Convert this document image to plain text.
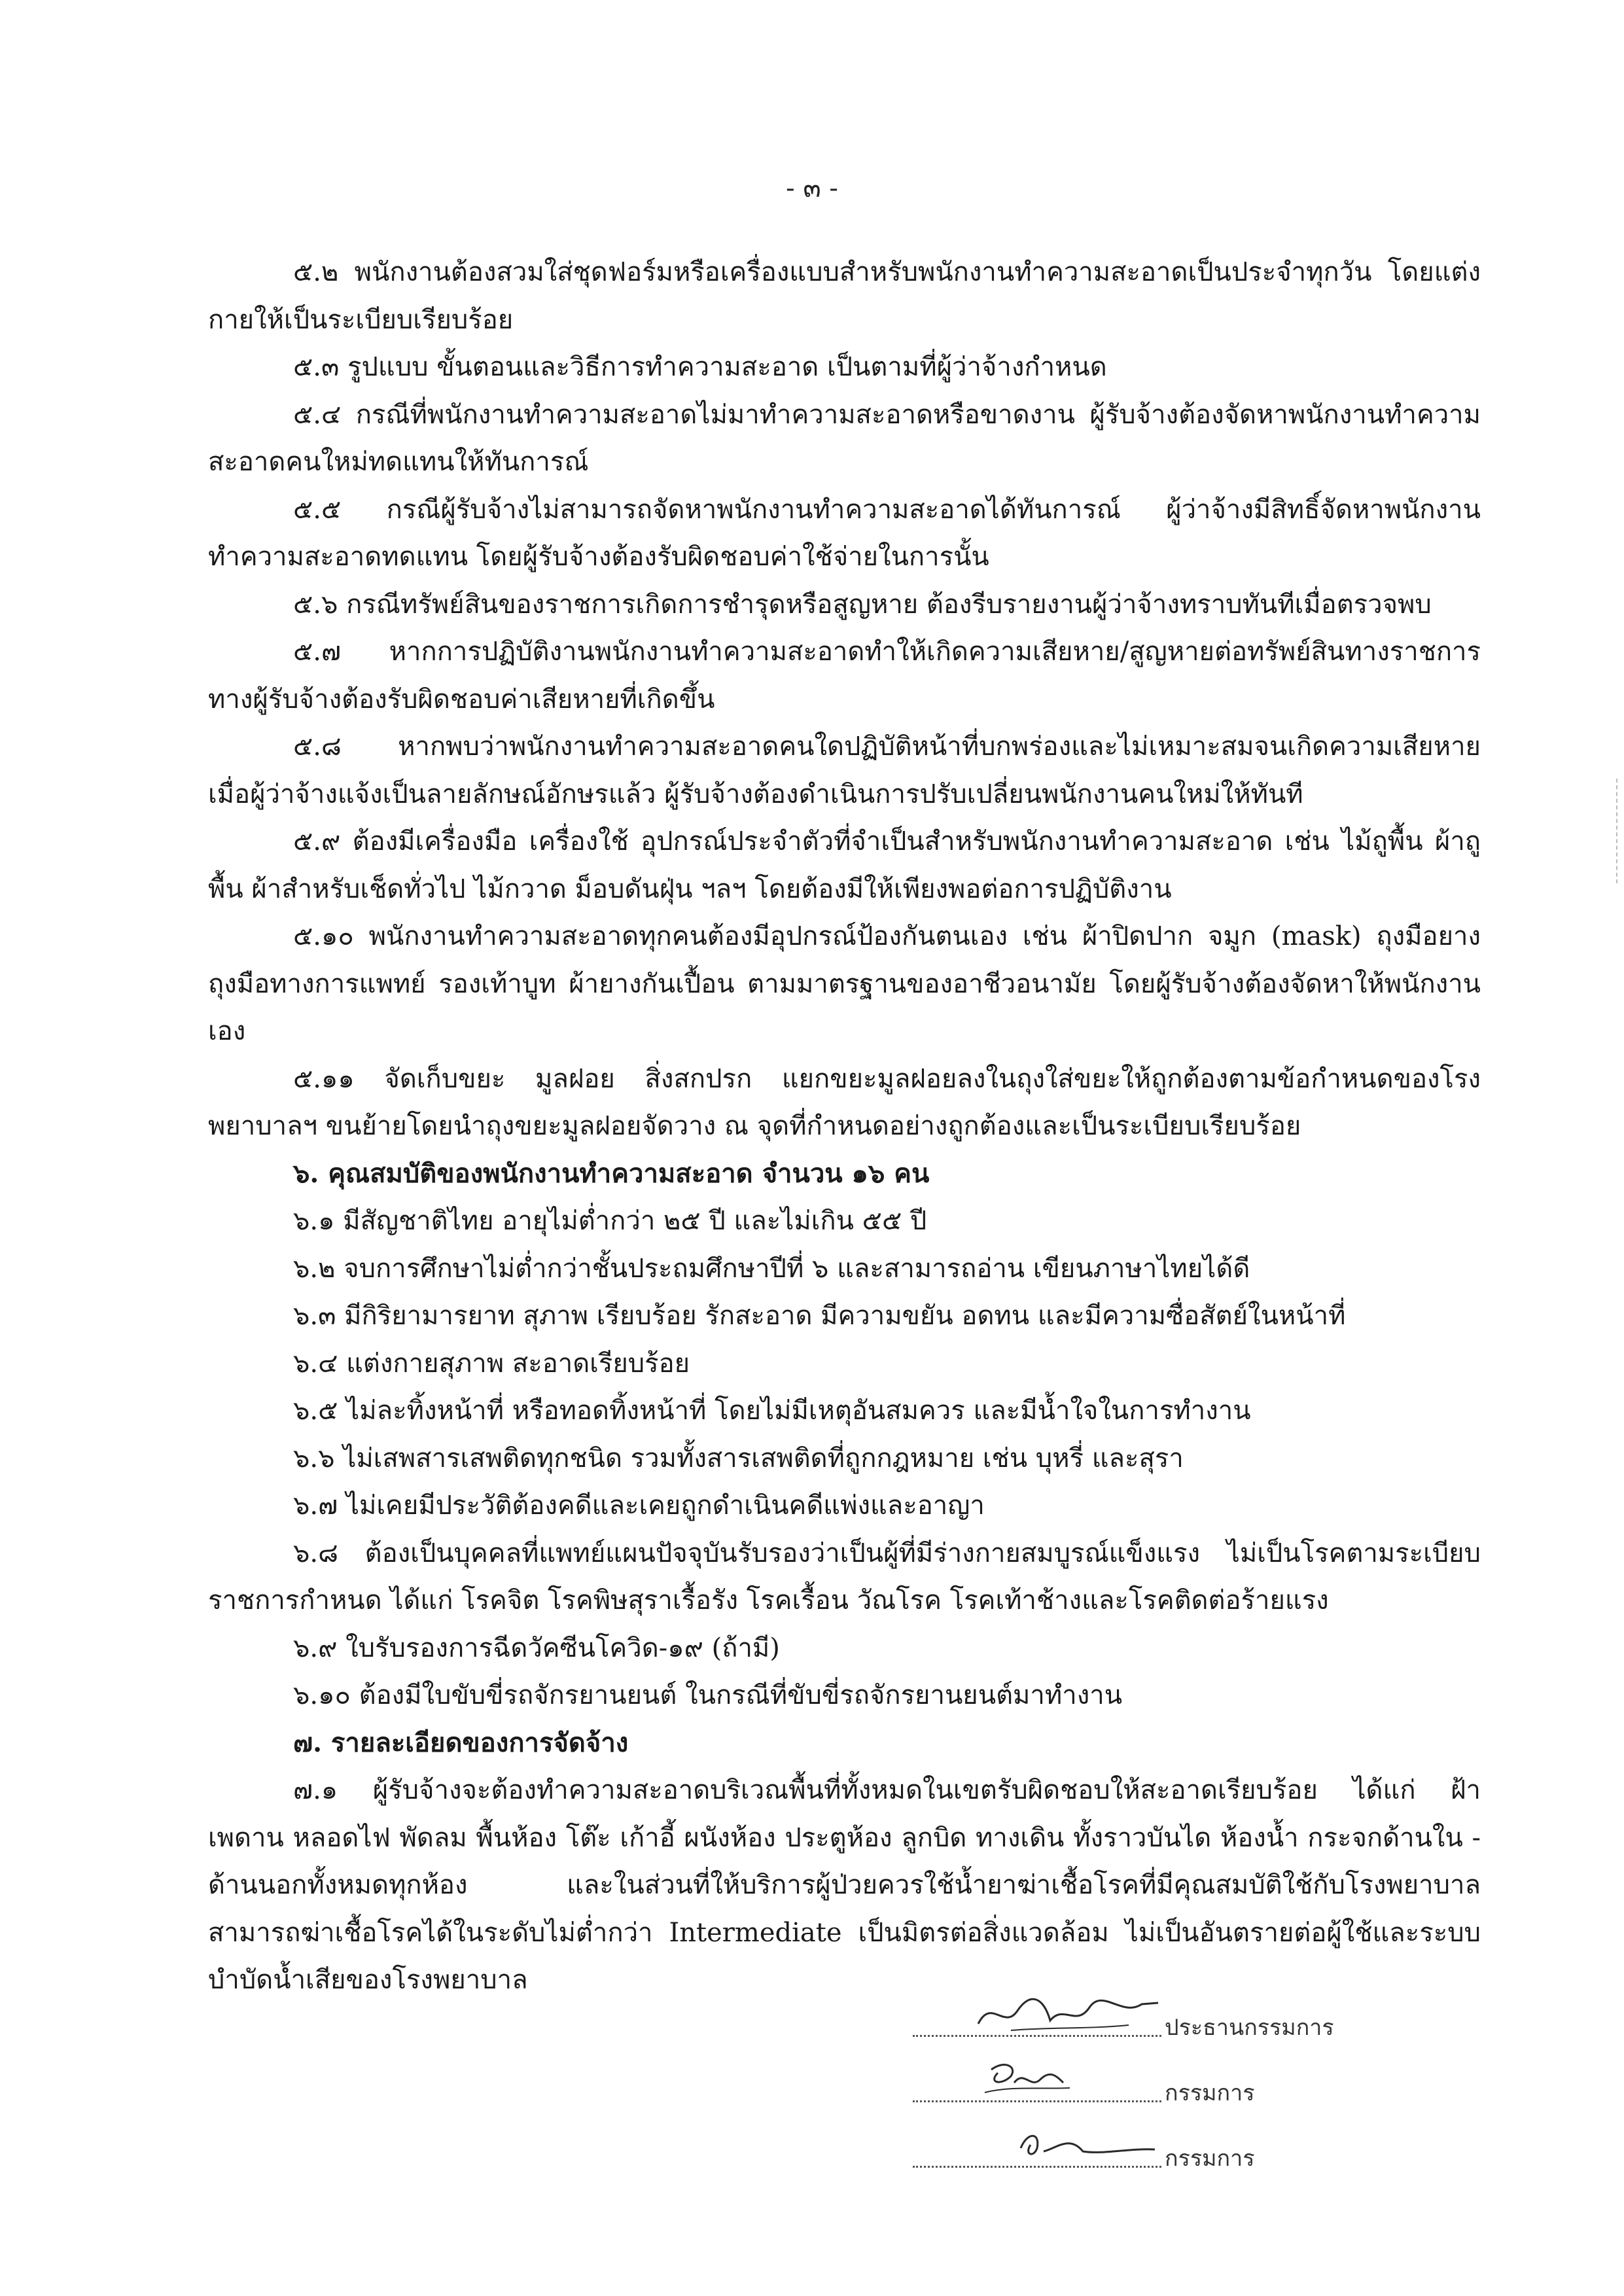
- ๓ -

๕.๒ พนักงานต้องสวมใส่ชุดฟอร์มหรือเครื่องแบบสำหรับพนักงานทำความสะอาดเป็นประจำทุกวัน โดยแต่งกายให้เป็นระเบียบเรียบร้อย

๕.๓ รูปแบบ ขั้นตอนและวิธีการทำความสะอาด เป็นตามที่ผู้ว่าจ้างกำหนด

๕.๔ กรณีที่พนักงานทำความสะอาดไม่มาทำความสะอาดหรือขาดงาน ผู้รับจ้างต้องจัดหาพนักงานทำความสะอาดคนใหม่ทดแทนให้ทันการณ์

๕.๕ กรณีผู้รับจ้างไม่สามารถจัดหาพนักงานทำความสะอาดได้ทันการณ์ ผู้ว่าจ้างมีสิทธิ์จัดหาพนักงานทำความสะอาดทดแทน โดยผู้รับจ้างต้องรับผิดชอบค่าใช้จ่ายในการนั้น

๕.๖ กรณีทรัพย์สินของราชการเกิดการชำรุดหรือสูญหาย ต้องรีบรายงานผู้ว่าจ้างทราบทันทีเมื่อตรวจพบ

๕.๗ หากการปฏิบัติงานพนักงานทำความสะอาดทำให้เกิดความเสียหาย/สูญหายต่อทรัพย์สินทางราชการทางผู้รับจ้างต้องรับผิดชอบค่าเสียหายที่เกิดขึ้น

๕.๘ หากพบว่าพนักงานทำความสะอาดคนใดปฏิบัติหน้าที่บกพร่องและไม่เหมาะสมจนเกิดความเสียหาย เมื่อผู้ว่าจ้างแจ้งเป็นลายลักษณ์อักษรแล้ว ผู้รับจ้างต้องดำเนินการปรับเปลี่ยนพนักงานคนใหม่ให้ทันที

๕.๙ ต้องมีเครื่องมือ เครื่องใช้ อุปกรณ์ประจำตัวที่จำเป็นสำหรับพนักงานทำความสะอาด เช่น ไม้ถูพื้น ผ้าถูพื้น ผ้าสำหรับเช็ดทั่วไป ไม้กวาด ม็อบดันฝุ่น ฯลฯ โดยต้องมีให้เพียงพอต่อการปฏิบัติงาน

๕.๑๐ พนักงานทำความสะอาดทุกคนต้องมีอุปกรณ์ป้องกันตนเอง เช่น ผ้าปิดปาก จมูก (mask) ถุงมือยาง ถุงมือทางการแพทย์ รองเท้าบูท ผ้ายางกันเปื้อน ตามมาตรฐานของอาชีวอนามัย โดยผู้รับจ้างต้องจัดหาให้พนักงานเอง

๕.๑๑ จัดเก็บขยะ มูลฝอย สิ่งสกปรก แยกขยะมูลฝอยลงในถุงใส่ขยะให้ถูกต้องตามข้อกำหนดของโรงพยาบาลฯ ขนย้ายโดยนำถุงขยะมูลฝอยจัดวาง ณ จุดที่กำหนดอย่างถูกต้องและเป็นระเบียบเรียบร้อย

๖. คุณสมบัติของพนักงานทำความสะอาด จำนวน ๑๖ คน

๖.๑ มีสัญชาติไทย อายุไม่ต่ำกว่า ๒๕ ปี และไม่เกิน ๕๕ ปี

๖.๒ จบการศึกษาไม่ต่ำกว่าชั้นประถมศึกษาปีที่ ๖ และสามารถอ่าน เขียนภาษาไทยได้ดี

๖.๓ มีกิริยามารยาท สุภาพ เรียบร้อย รักสะอาด มีความขยัน อดทน และมีความซื่อสัตย์ในหน้าที่

๖.๔ แต่งกายสุภาพ สะอาดเรียบร้อย

๖.๕ ไม่ละทิ้งหน้าที่ หรือทอดทิ้งหน้าที่ โดยไม่มีเหตุอันสมควร และมีน้ำใจในการทำงาน

๖.๖ ไม่เสพสารเสพติดทุกชนิด รวมทั้งสารเสพติดที่ถูกกฎหมาย เช่น บุหรี่ และสุรา

๖.๗ ไม่เคยมีประวัติต้องคดีและเคยถูกดำเนินคดีแพ่งและอาญา

๖.๘ ต้องเป็นบุคคลที่แพทย์แผนปัจจุบันรับรองว่าเป็นผู้ที่มีร่างกายสมบูรณ์แข็งแรง ไม่เป็นโรคตามระเบียบราชการกำหนด ได้แก่ โรคจิต โรคพิษสุราเรื้อรัง โรคเรื้อน วัณโรค โรคเท้าช้างและโรคติดต่อร้ายแรง

๖.๙ ใบรับรองการฉีดวัคซีนโควิด-๑๙ (ถ้ามี)

๖.๑๐ ต้องมีใบขับขี่รถจักรยานยนต์ ในกรณีที่ขับขี่รถจักรยานยนต์มาทำงาน

๗. รายละเอียดของการจัดจ้าง

๗.๑ ผู้รับจ้างจะต้องทำความสะอาดบริเวณพื้นที่ทั้งหมดในเขตรับผิดชอบให้สะอาดเรียบร้อย ได้แก่ ฝ้า เพดาน หลอดไฟ พัดลม พื้นห้อง โต๊ะ เก้าอี้ ผนังห้อง ประตูห้อง ลูกบิด ทางเดิน ทั้งราวบันได ห้องน้ำ กระจกด้านใน - ด้านนอกทั้งหมดทุกห้อง และในส่วนที่ให้บริการผู้ป่วยควรใช้น้ำยาฆ่าเชื้อโรคที่มีคุณสมบัติใช้กับโรงพยาบาล สามารถฆ่าเชื้อโรคได้ในระดับไม่ต่ำกว่า Intermediate เป็นมิตรต่อสิ่งแวดล้อม ไม่เป็นอันตรายต่อผู้ใช้และระบบบำบัดน้ำเสียของโรงพยาบาล

ประธานกรรมการ
กรรมการ
กรรมการ
